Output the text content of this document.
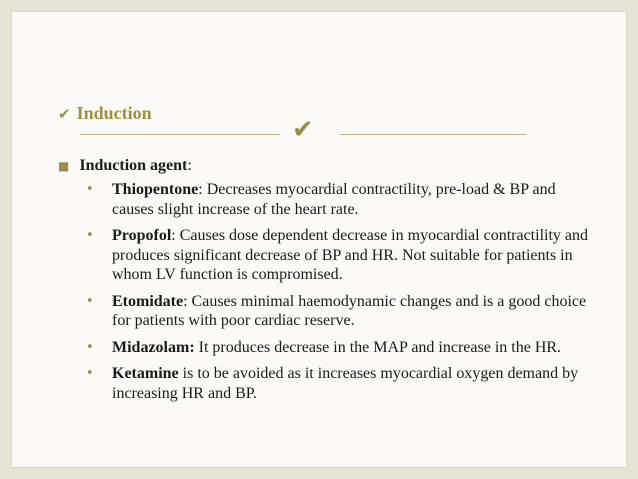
✔︎ Induction
✔︎
■ Induction agent:
• Thiopentone: Decreases myocardial contractility, pre-load & BP and causes slight increase of the heart rate.
• Propofol: Causes dose dependent decrease in myocardial contractility and produces significant decrease of BP and HR. Not suitable for patients in whom LV function is compromised.
• Etomidate: Causes minimal haemodynamic changes and is a good choice for patients with poor cardiac reserve.
• Midazolam: It produces decrease in the MAP and increase in the HR.
• Ketamine is to be avoided as it increases myocardial oxygen demand by increasing HR and BP.
